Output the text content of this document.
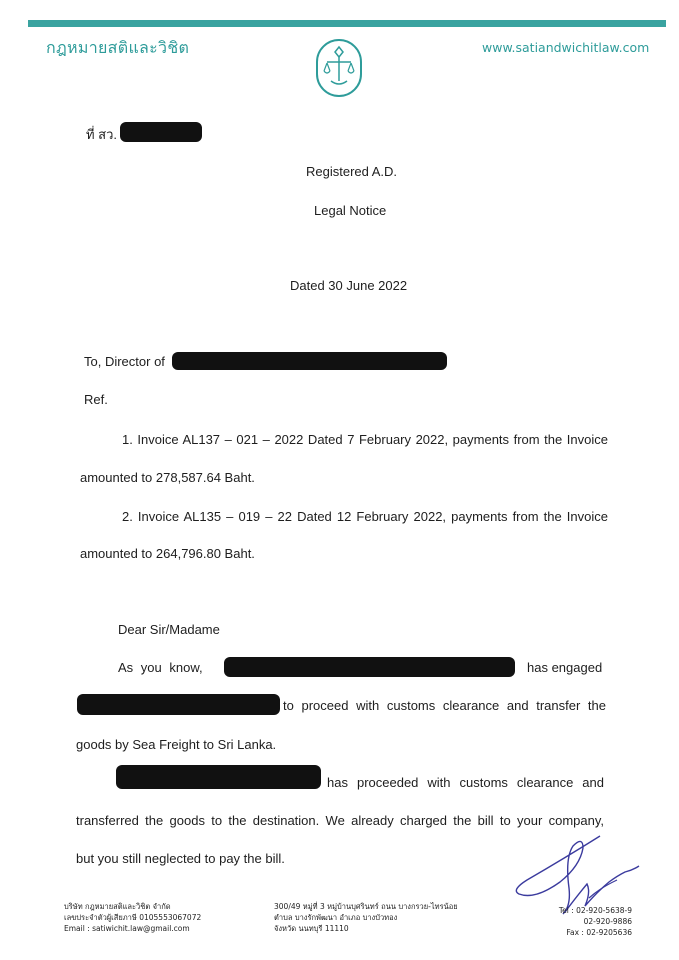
กฎหมายสติและวิชิต	www.satiandwichitlaw.com
ที่ สว.
Registered A.D.
Legal Notice
Dated 30 June 2022
To, Director of
Ref.
1. Invoice AL137 – 021 – 2022 Dated 7 February 2022, payments from the Invoice
amounted to 278,587.64 Baht.
2. Invoice AL135 – 019 – 22 Dated 12 February 2022, payments from the Invoice
amounted to 264,796.80 Baht.
Dear Sir/Madame
As you know,	has engaged
to proceed with customs clearance and transfer the
goods by Sea Freight to Sri Lanka.
has proceeded with customs clearance and
transferred the goods to the destination. We already charged the bill to your company,
but you still neglected to pay the bill.
บริษัท กฎหมายสติและวิชิต จำกัด
เลขประจำตัวผู้เสียภาษี 0105553067072
Email : satiwichit.law@gmail.com
300/49 หมู่ที่ 3 หมู่บ้านบุศรินทร์ ถนน บางกรวย-ไทรน้อย
ตำบล บางรักพัฒนา อำเภอ บางบัวทอง
จังหวัด นนทบุรี 11110
Tel : 02-920-5638-9
02-920-9886
Fax : 02-9205636
